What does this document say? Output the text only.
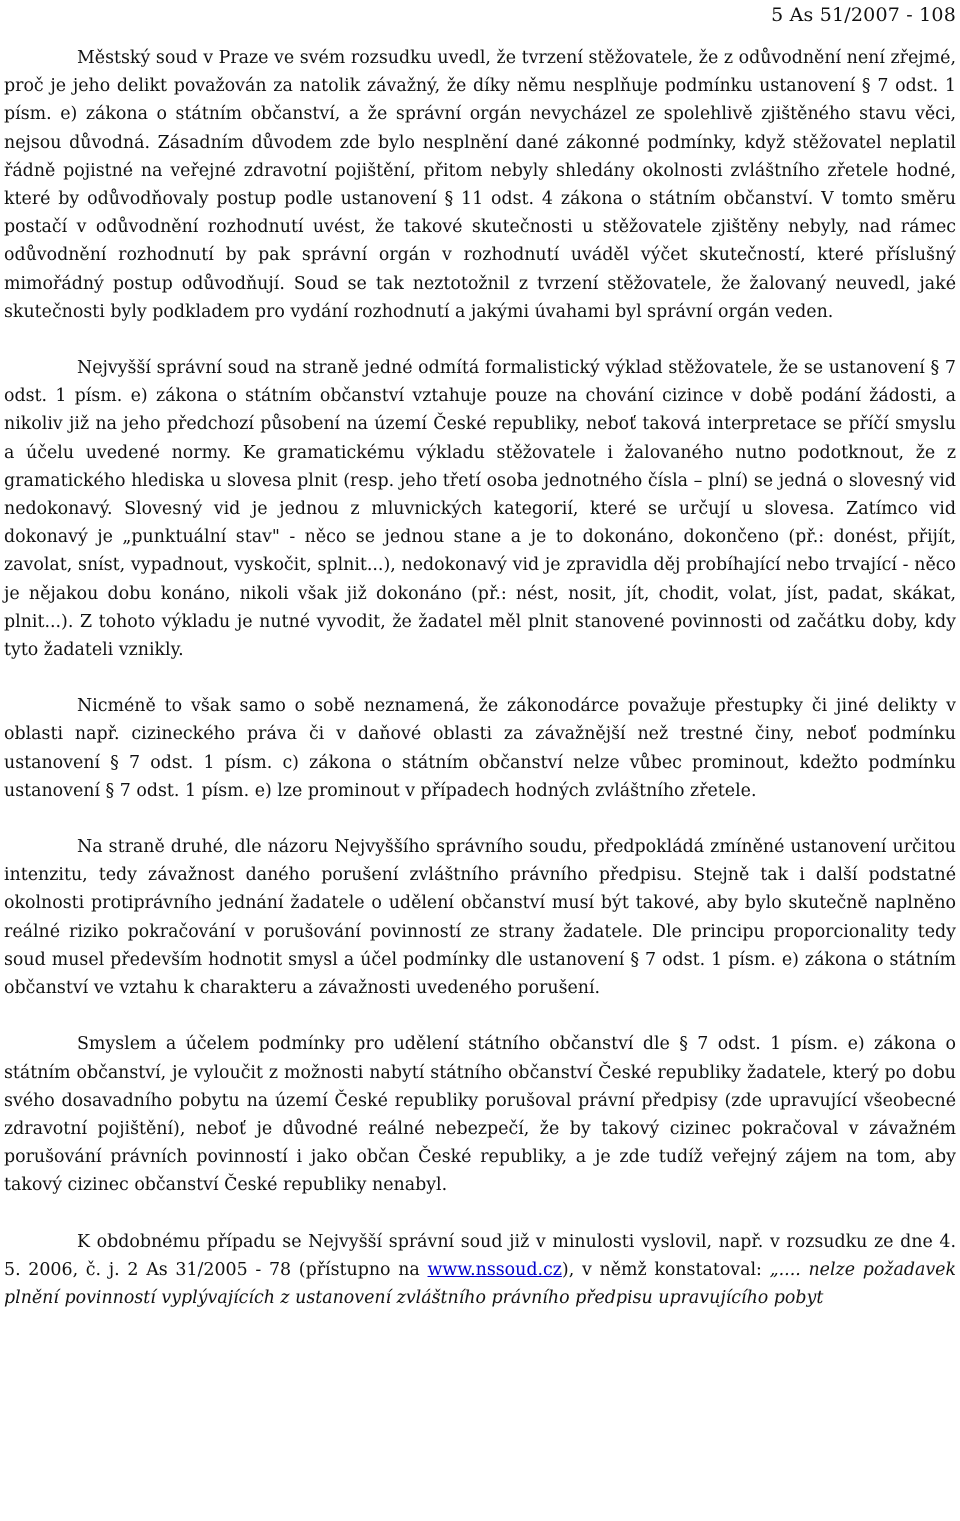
5 As 51/2007 - 108

Městský soud v Praze ve svém rozsudku uvedl, že tvrzení stěžovatele, že z odůvodnění není zřejmé, proč je jeho delikt považován za natolik závažný, že díky němu nesplňuje podmínku ustanovení § 7 odst. 1 písm. e) zákona o státním občanství, a že správní orgán nevycházel ze spolehlivě zjištěného stavu věci, nejsou důvodná. Zásadním důvodem zde bylo nesplnění dané zákonné podmínky, když stěžovatel neplatil řádně pojistné na veřejné zdravotní pojištění, přitom nebyly shledány okolnosti zvláštního zřetele hodné, které by odůvodňovaly postup podle ustanovení § 11 odst. 4 zákona o státním občanství. V tomto směru postačí v odůvodnění rozhodnutí uvést, že takové skutečnosti u stěžovatele zjištěny nebyly, nad rámec odůvodnění rozhodnutí by pak správní orgán v rozhodnutí uváděl výčet skutečností, které příslušný mimořádný postup odůvodňují. Soud se tak neztotožnil z tvrzení stěžovatele, že žalovaný neuvedl, jaké skutečnosti byly podkladem pro vydání rozhodnutí a jakými úvahami byl správní orgán veden.

Nejvyšší správní soud na straně jedné odmítá formalistický výklad stěžovatele, že se ustanovení § 7 odst. 1 písm. e) zákona o státním občanství vztahuje pouze na chování cizince v době podání žádosti, a nikoliv již na jeho předchozí působení na území České republiky, neboť taková interpretace se příčí smyslu a účelu uvedené normy. Ke gramatickému výkladu stěžovatele i žalovaného nutno podotknout, že z gramatického hlediska u slovesa plnit (resp. jeho třetí osoba jednotného čísla – plní) se jedná o slovesný vid nedokonavý. Slovesný vid je jednou z mluvnických kategorií, které se určují u slovesa. Zatímco vid dokonavý je „punktuální stav" - něco se jednou stane a je to dokonáno, dokončeno (př.: donést, přijít, zavolat, sníst, vypadnout, vyskočit, splnit...), nedokonavý vid je zpravidla děj probíhající nebo trvající - něco je nějakou dobu konáno, nikoli však již dokonáno (př.: nést, nosit, jít, chodit, volat, jíst, padat, skákat, plnit...). Z tohoto výkladu je nutné vyvodit, že žadatel měl plnit stanovené povinnosti od začátku doby, kdy tyto žadateli vznikly.

Nicméně to však samo o sobě neznamená, že zákonodárce považuje přestupky či jiné delikty v oblasti např. cizineckého práva či v daňové oblasti za závažnější než trestné činy, neboť podmínku ustanovení § 7 odst. 1 písm. c) zákona o státním občanství nelze vůbec prominout, kdežto podmínku ustanovení § 7 odst. 1 písm. e) lze prominout v případech hodných zvláštního zřetele.

Na straně druhé, dle názoru Nejvyššího správního soudu, předpokládá zmíněné ustanovení určitou intenzitu, tedy závažnost daného porušení zvláštního právního předpisu. Stejně tak i další podstatné okolnosti protiprávního jednání žadatele o udělení občanství musí být takové, aby bylo skutečně naplněno reálné riziko pokračování v porušování povinností ze strany žadatele. Dle principu proporcionality tedy soud musel především hodnotit smysl a účel podmínky dle ustanovení § 7 odst. 1 písm. e) zákona o státním občanství ve vztahu k charakteru a závažnosti uvedeného porušení.

Smyslem a účelem podmínky pro udělení státního občanství dle § 7 odst. 1 písm. e) zákona o státním občanství, je vyloučit z možnosti nabytí státního občanství České republiky žadatele, který po dobu svého dosavadního pobytu na území České republiky porušoval právní předpisy (zde upravující všeobecné zdravotní pojištění), neboť je důvodné reálné nebezpečí, že by takový cizinec pokračoval v závažném porušování právních povinností i jako občan České republiky, a je zde tudíž veřejný zájem na tom, aby takový cizinec občanství České republiky nenabyl.

K obdobnému případu se Nejvyšší správní soud již v minulosti vyslovil, např. v rozsudku ze dne 4. 5. 2006, č. j. 2 As 31/2005 - 78 (přístupno na www.nssoud.cz), v němž konstatoval: „.... nelze požadavek plnění povinností vyplývajících z ustanovení zvláštního právního předpisu upravujícího pobyt
